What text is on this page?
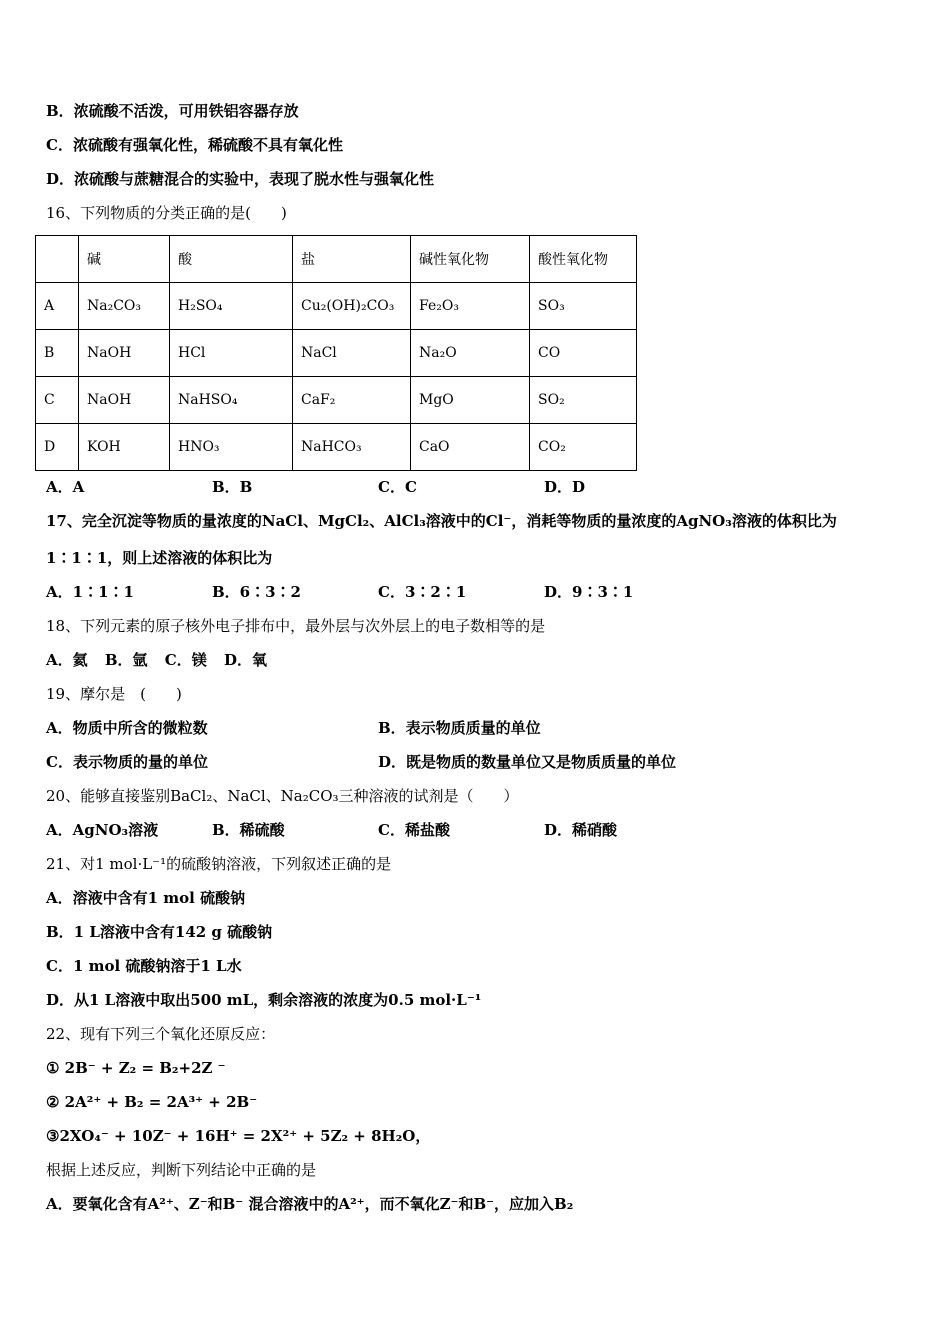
B．浓硫酸不活泼，可用铁铝容器存放
C．浓硫酸有强氧化性，稀硫酸不具有氧化性
D．浓硫酸与蔗糖混合的实验中，表现了脱水性与强氧化性
16、下列物质的分类正确的是(　　)
	碱	酸	盐	碱性氧化物	酸性氧化物
A	Na₂CO₃	H₂SO₄	Cu₂(OH)₂CO₃	Fe₂O₃	SO₃
B	NaOH	HCl	NaCl	Na₂O	CO
C	NaOH	NaHSO₄	CaF₂	MgO	SO₂
D	KOH	HNO₃	NaHCO₃	CaO	CO₂
A．A	B．B	C．C	D．D
17、完全沉淀等物质的量浓度的NaCl、MgCl₂、AlCl₃溶液中的Cl⁻，消耗等物质的量浓度的AgNO₃溶液的体积比为
1∶1∶1，则上述溶液的体积比为
A．1∶1∶1	B．6∶3∶2	C．3∶2∶1	D．9∶3∶1
18、下列元素的原子核外电子排布中，最外层与次外层上的电子数相等的是
A．氦 B．氩 C．镁 D．氧
19、摩尔是　(　　)
A．物质中所含的微粒数	B．表示物质质量的单位
C．表示物质的量的单位	D．既是物质的数量单位又是物质质量的单位
20、能够直接鉴别BaCl₂、NaCl、Na₂CO₃三种溶液的试剂是（　　）
A．AgNO₃溶液	B．稀硫酸	C．稀盐酸	D．稀硝酸
21、对1 mol·L⁻¹的硫酸钠溶液，下列叙述正确的是
A．溶液中含有1 mol 硫酸钠
B．1 L溶液中含有142 g 硫酸钠
C．1 mol 硫酸钠溶于1 L水
D．从1 L溶液中取出500 mL，剩余溶液的浓度为0.5 mol·L⁻¹
22、现有下列三个氧化还原反应：
① 2B⁻ + Z₂ = B₂+2Z ⁻
② 2A²⁺ + B₂ = 2A³⁺ + 2B⁻
③2XO₄⁻ + 10Z⁻ + 16H⁺ = 2X²⁺ + 5Z₂ + 8H₂O，
根据上述反应，判断下列结论中正确的是
A．要氧化含有A²⁺、Z⁻和B⁻ 混合溶液中的A²⁺，而不氧化Z⁻和B⁻，应加入B₂
